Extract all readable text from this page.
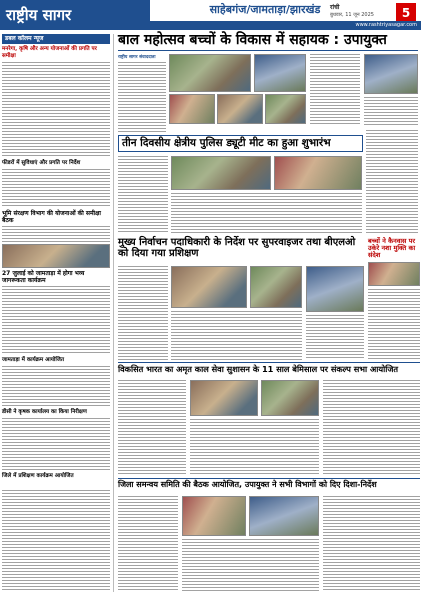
राष्ट्रीय सागर	साहेबगंज/जामताड़ा/झारखंड	रांची
बुधवार, 11 जून 2025	5
www.rashtriyasagar.com
डबल कॉलम न्यूज
मनरेगा, कृषि और अन्य योजनाओं की प्रगति पर समीक्षा
फीडरों में सुविधाएं और प्रगति पर निर्देश
भूमि संरक्षण विभाग की योजनाओं की समीक्षा बैठक
27 जुलाई को जामताड़ा में होगा भव्य जागरूकता कार्यक्रम
जामताड़ा में कार्यक्रम आयोजित
डीसी ने कृषक कार्यालय का किया निरीक्षण
जिले में प्रशिक्षण कार्यक्रम आयोजित
बाल महोत्सव बच्चों के विकास में सहायक : उपायुक्त
राष्ट्रीय सागर संवाददाता
तीन दिवसीय क्षेत्रीय पुलिस ड्यूटी मीट का हुआ शुभारंभ
मुख्य निर्वाचन पदाधिकारी के निर्देश पर सुपरवाइजर तथा बीएलओ को दिया गया प्रशिक्षण
बच्चों ने कैनवास पर उकेरे नशा मुक्ति का संदेश
विकसित भारत का अमृत काल सेवा सुशासन के 11 साल बेमिसाल पर संकल्प सभा आयोजित
जिला समन्वय समिति की बैठक आयोजित, उपायुक्त ने सभी विभागों को दिए दिशा-निर्देश
